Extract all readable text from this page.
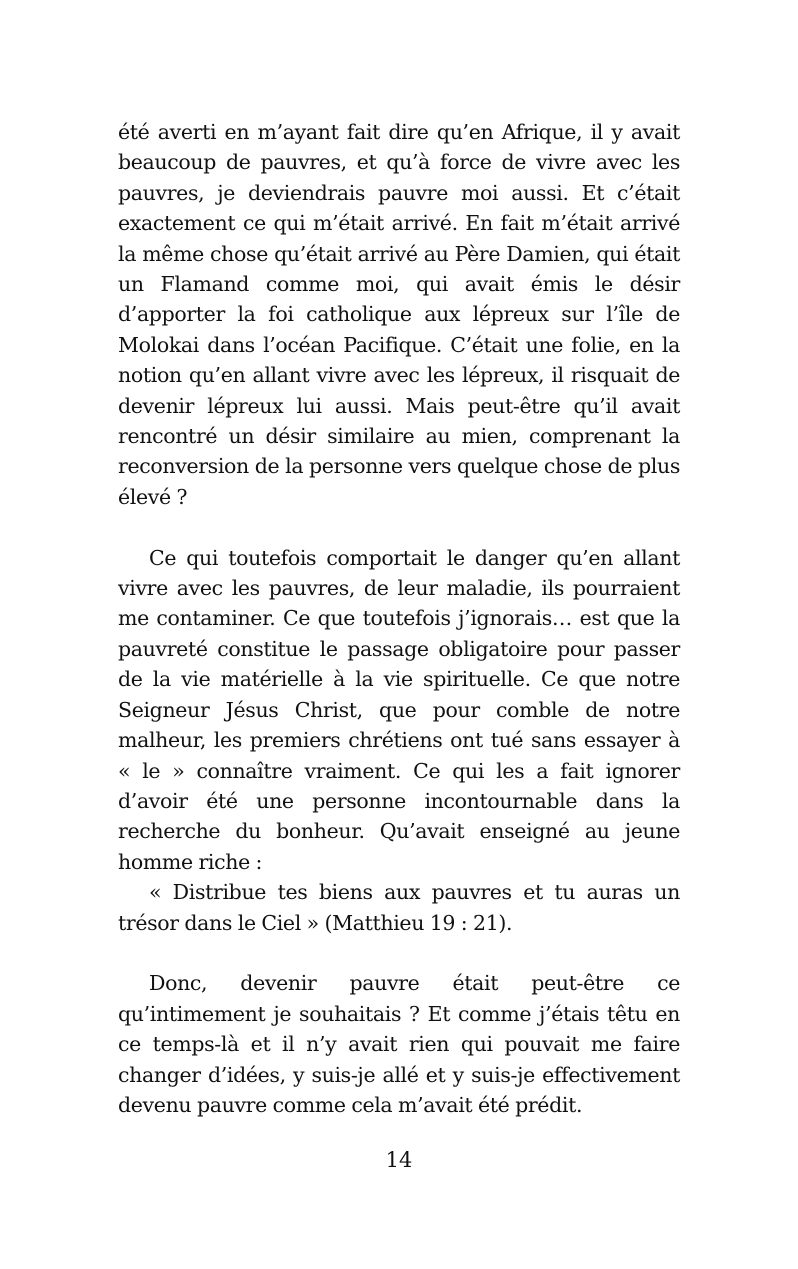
été averti en m’ayant fait dire qu’en Afrique, il y avait beaucoup de pauvres, et qu’à force de vivre avec les pauvres, je deviendrais pauvre moi aussi. Et c’était exactement ce qui m’était arrivé. En fait m’était arrivé la même chose qu’était arrivé au Père Damien, qui était un Flamand comme moi, qui avait émis le désir d’apporter la foi catholique aux lépreux sur l’île de Molokai dans l’océan Pacifique. C’était une folie, en la notion qu’en allant vivre avec les lépreux, il risquait de devenir lépreux lui aussi. Mais peut-être qu’il avait rencontré un désir similaire au mien, comprenant la reconversion de la personne vers quelque chose de plus élevé ?

Ce qui toutefois comportait le danger qu’en allant vivre avec les pauvres, de leur maladie, ils pourraient me contaminer. Ce que toutefois j’ignorais… est que la pauvreté constitue le passage obligatoire pour passer de la vie matérielle à la vie spirituelle. Ce que notre Seigneur Jésus Christ, que pour comble de notre malheur, les premiers chrétiens ont tué sans essayer à « le » connaître vraiment. Ce qui les a fait ignorer d’avoir été une personne incontournable dans la recherche du bonheur. Qu’avait enseigné au jeune homme riche :

« Distribue tes biens aux pauvres et tu auras un trésor dans le Ciel » (Matthieu 19 : 21).

Donc, devenir pauvre était peut-être ce qu’intimement je souhaitais ? Et comme j’étais têtu en ce temps-là et il n’y avait rien qui pouvait me faire changer d’idées, y suis-je allé et y suis-je effectivement devenu pauvre comme cela m’avait été prédit.

14
